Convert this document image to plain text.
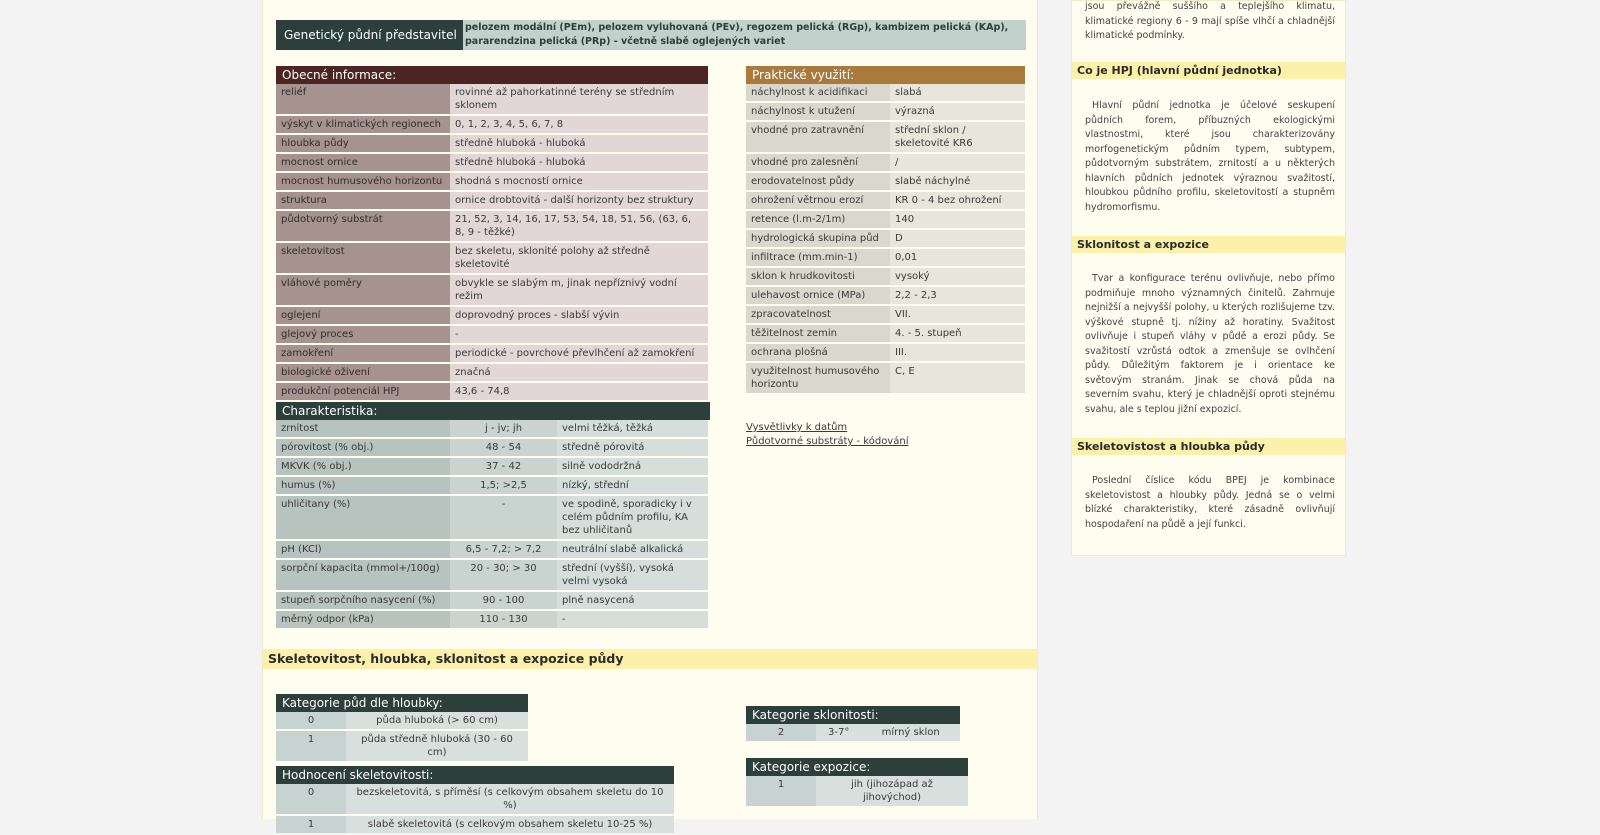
Genetický půdní představitel
pelozem modální (PEm), pelozem vyluhovaná (PEv), regozem pelická (RGp), kambizem pelická (KAp), pararendzina pelická (PRp) - včetně slabě oglejených variet
Obecné informace:
reliéf	rovinné až pahorkatinné terény se středním sklonem
výskyt v klimatických regionech	0, 1, 2, 3, 4, 5, 6, 7, 8
hloubka půdy	středně hluboká - hluboká
mocnost ornice	středně hluboká - hluboká
mocnost humusového horizontu	shodná s mocností ornice
struktura	ornice drobtovitá - další horizonty bez struktury
půdotvorný substrát	21, 52, 3, 14, 16, 17, 53, 54, 18, 51, 56, (63, 6, 8, 9 - těžké)
skeletovitost	bez skeletu, sklonité polohy až středně skeletovité
vláhové poměry	obvykle se slabým m, jinak nepříznivý vodní režim
oglejení	doprovodný proces - slabší vývin
glejový proces	-
zamokření	periodické - povrchové převlhčení až zamokření
biologické oživení	značná
produkční potenciál HPJ	43,6 - 74,8
Praktické využití:
náchylnost k acidifikaci	slabá
náchylnost k utužení	výrazná
vhodné pro zatravnění	střední sklon / skeletovité KR6
vhodné pro zalesnění	/
erodovatelnost půdy	slabě náchylné
ohrožení větrnou erozí	KR 0 - 4 bez ohrožení
retence (l.m-2/1m)	140
hydrologická skupina půd	D
infiltrace (mm.min-1)	0,01
sklon k hrudkovitosti	vysoký
ulehavost ornice (MPa)	2,2 - 2,3
zpracovatelnost	VII.
těžitelnost zemin	4. - 5. stupeň
ochrana plošná	III.
využitelnost humusového horizontu	C, E
Vysvětlivky k datům
Půdotvorné substráty - kódování
Charakteristika:
zrnitost	j - jv; jh	velmi těžká, těžká
pórovitost (% obj.)	48 - 54	středně pórovitá
MKVK (% obj.)	37 - 42	silně vododržná
humus (%)	1,5; >2,5	nízký, střední
uhličitany (%)	-	ve spodině, sporadicky i v celém půdním profilu, KA bez uhličitanů
pH (KCl)	6,5 - 7,2; > 7,2	neutrální slabě alkalická
sorpční kapacita (mmol+/100g)	20 - 30; > 30	střední (vyšší), vysoká velmi vysoká
stupeň sorpčního nasycení (%)	90 - 100	plně nasycená
měrný odpor (kPa)	110 - 130	-
Skeletovitost, hloubka, sklonitost a expozice půdy
Kategorie půd dle hloubky:
0	půda hluboká (> 60 cm)
1	půda středně hluboká (30 - 60 cm)
Hodnocení skeletovitosti:
0	bezskeletovitá, s příměsí (s celkovým obsahem skeletu do 10 %)
1	slabě skeletovitá (s celkovým obsahem skeletu 10-25 %)
Kategorie sklonitosti:
2	3-7°	mírný sklon
Kategorie expozice:
1	jih (jihozápad až jihovýchod)
jsou převážně suššího a teplejšího klimatu, klimatické regiony 6 - 9 mají spíše vlhčí a chladnější klimatické podmínky.
Co je HPJ (hlavní půdní jednotka)
Hlavní půdní jednotka je účelové seskupení půdních forem, příbuzných ekologickými vlastnostmi, které jsou charakterizovány morfogenetickým půdním typem, subtypem, půdotvorným substrátem, zrnitostí a u některých hlavních půdních jednotek výraznou svažitostí, hloubkou půdního profilu, skeletovitostí a stupněm hydromorfismu.
Sklonitost a expozice
Tvar a konfigurace terénu ovlivňuje, nebo přímo podmiňuje mnoho významných činitelů. Zahrnuje nejnižší a nejvyšší polohy, u kterých rozlišujeme tzv. výškové stupně tj. nížiny až horatiny. Svažitost ovlivňuje i stupeň vláhy v půdě a erozi půdy. Se svažitostí vzrůstá odtok a zmenšuje se ovlhčení půdy. Důležitým faktorem je i orientace ke světovým stranám. Jinak se chová půda na severním svahu, který je chladnější oproti stejnému svahu, ale s teplou jižní expozicí.
Skeletovistost a hloubka půdy
Poslední číslice kódu BPEJ je kombinace skeletovistost a hloubky půdy. Jedná se o velmi blízké charakteristiky, které zásadně ovlivňují hospodaření na půdě a její funkci.
